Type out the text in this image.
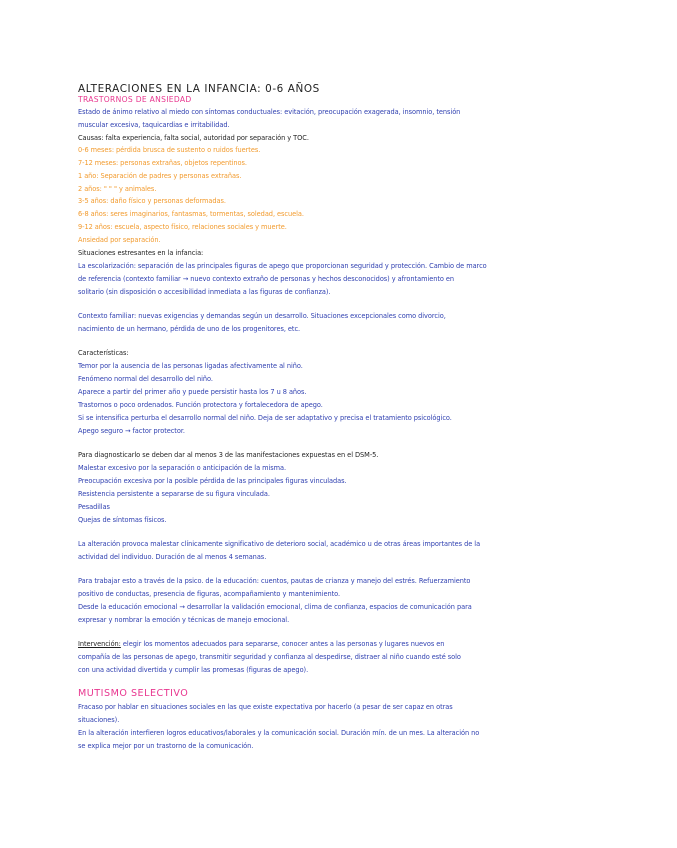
ALTERACIONES EN LA INFANCIA: 0-6 AÑOS
TRASTORNOS DE ANSIEDAD
Estado de ánimo relativo al miedo con síntomas conductuales: evitación, preocupación exagerada, insomnio, tensión
muscular excesiva, taquicardias e irritabilidad.
Causas: falta experiencia, falta social, autoridad por separación y TOC.
0-6 meses: pérdida brusca de sustento o ruidos fuertes.
7-12 meses: personas extrañas, objetos repentinos.
1 año: Separación de padres y personas extrañas.
2 años: " " " y animales.
3-5 años: daño físico y personas deformadas.
6-8 años: seres imaginarios, fantasmas, tormentas, soledad, escuela.
9-12 años: escuela, aspecto físico, relaciones sociales y muerte.
Ansiedad por separación.
Situaciones estresantes en la infancia:
La escolarización: separación de las principales figuras de apego que proporcionan seguridad y protección. Cambio de marco
de referencia (contexto familiar → nuevo contexto extraño de personas y hechos desconocidos) y afrontamiento en
solitario (sin disposición o accesibilidad inmediata a las figuras de confianza).
Contexto familiar: nuevas exigencias y demandas según un desarrollo. Situaciones excepcionales como divorcio,
nacimiento de un hermano, pérdida de uno de los progenitores, etc.
Características:
Temor por la ausencia de las personas ligadas afectivamente al niño.
Fenómeno normal del desarrollo del niño.
Aparece a partir del primer año y puede persistir hasta los 7 u 8 años.
Trastornos o poco ordenados. Función protectora y fortalecedora de apego.
Si se intensifica perturba el desarrollo normal del niño. Deja de ser adaptativo y precisa el tratamiento psicológico.
Apego seguro → factor protector.
Para diagnosticarlo se deben dar al menos 3 de las manifestaciones expuestas en el DSM-5.
Malestar excesivo por la separación o anticipación de la misma.
Preocupación excesiva por la posible pérdida de las principales figuras vinculadas.
Resistencia persistente a separarse de su figura vinculada.
Pesadillas
Quejas de síntomas físicos.
La alteración provoca malestar clínicamente significativo de deterioro social, académico u de otras áreas importantes de la
actividad del individuo. Duración de al menos 4 semanas.
Para trabajar esto a través de la psico. de la educación: cuentos, pautas de crianza y manejo del estrés. Refuerzamiento
positivo de conductas, presencia de figuras, acompañamiento y mantenimiento.
Desde la educación emocional → desarrollar la validación emocional, clima de confianza, espacios de comunicación para
expresar y nombrar la emoción y técnicas de manejo emocional.
Intervención: elegir los momentos adecuados para separarse, conocer antes a las personas y lugares nuevos en
compañía de las personas de apego, transmitir seguridad y confianza al despedirse, distraer al niño cuando esté solo
con una actividad divertida y cumplir las promesas (figuras de apego).
MUTISMO SELECTIVO
Fracaso por hablar en situaciones sociales en las que existe expectativa por hacerlo (a pesar de ser capaz en otras
situaciones).
En la alteración interfieren logros educativos/laborales y la comunicación social. Duración mín. de un mes. La alteración no
se explica mejor por un trastorno de la comunicación.
